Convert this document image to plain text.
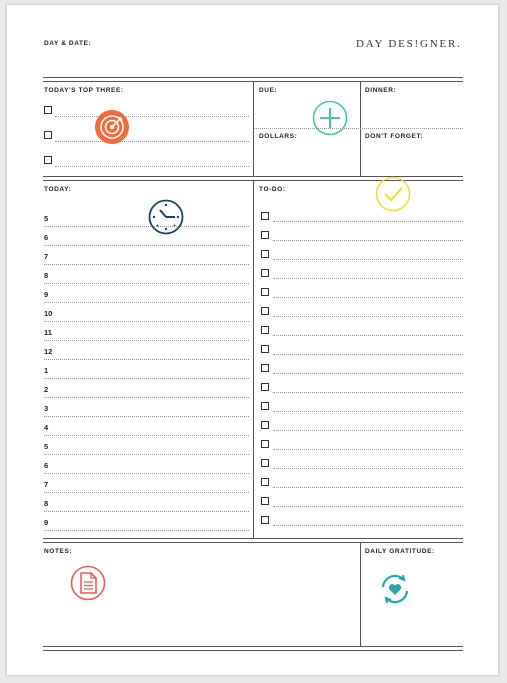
DAY & DATE:	DAY DES!GNER.
TODAY'S TOP THREE:	DUE:	DINNER:
DOLLARS:	DON'T FORGET:
TODAY:	TO-DO:
5
6
7
8
9
10
11
12
1
2
3
4
5
6
7
8
9
NOTES:	DAILY GRATITUDE:
